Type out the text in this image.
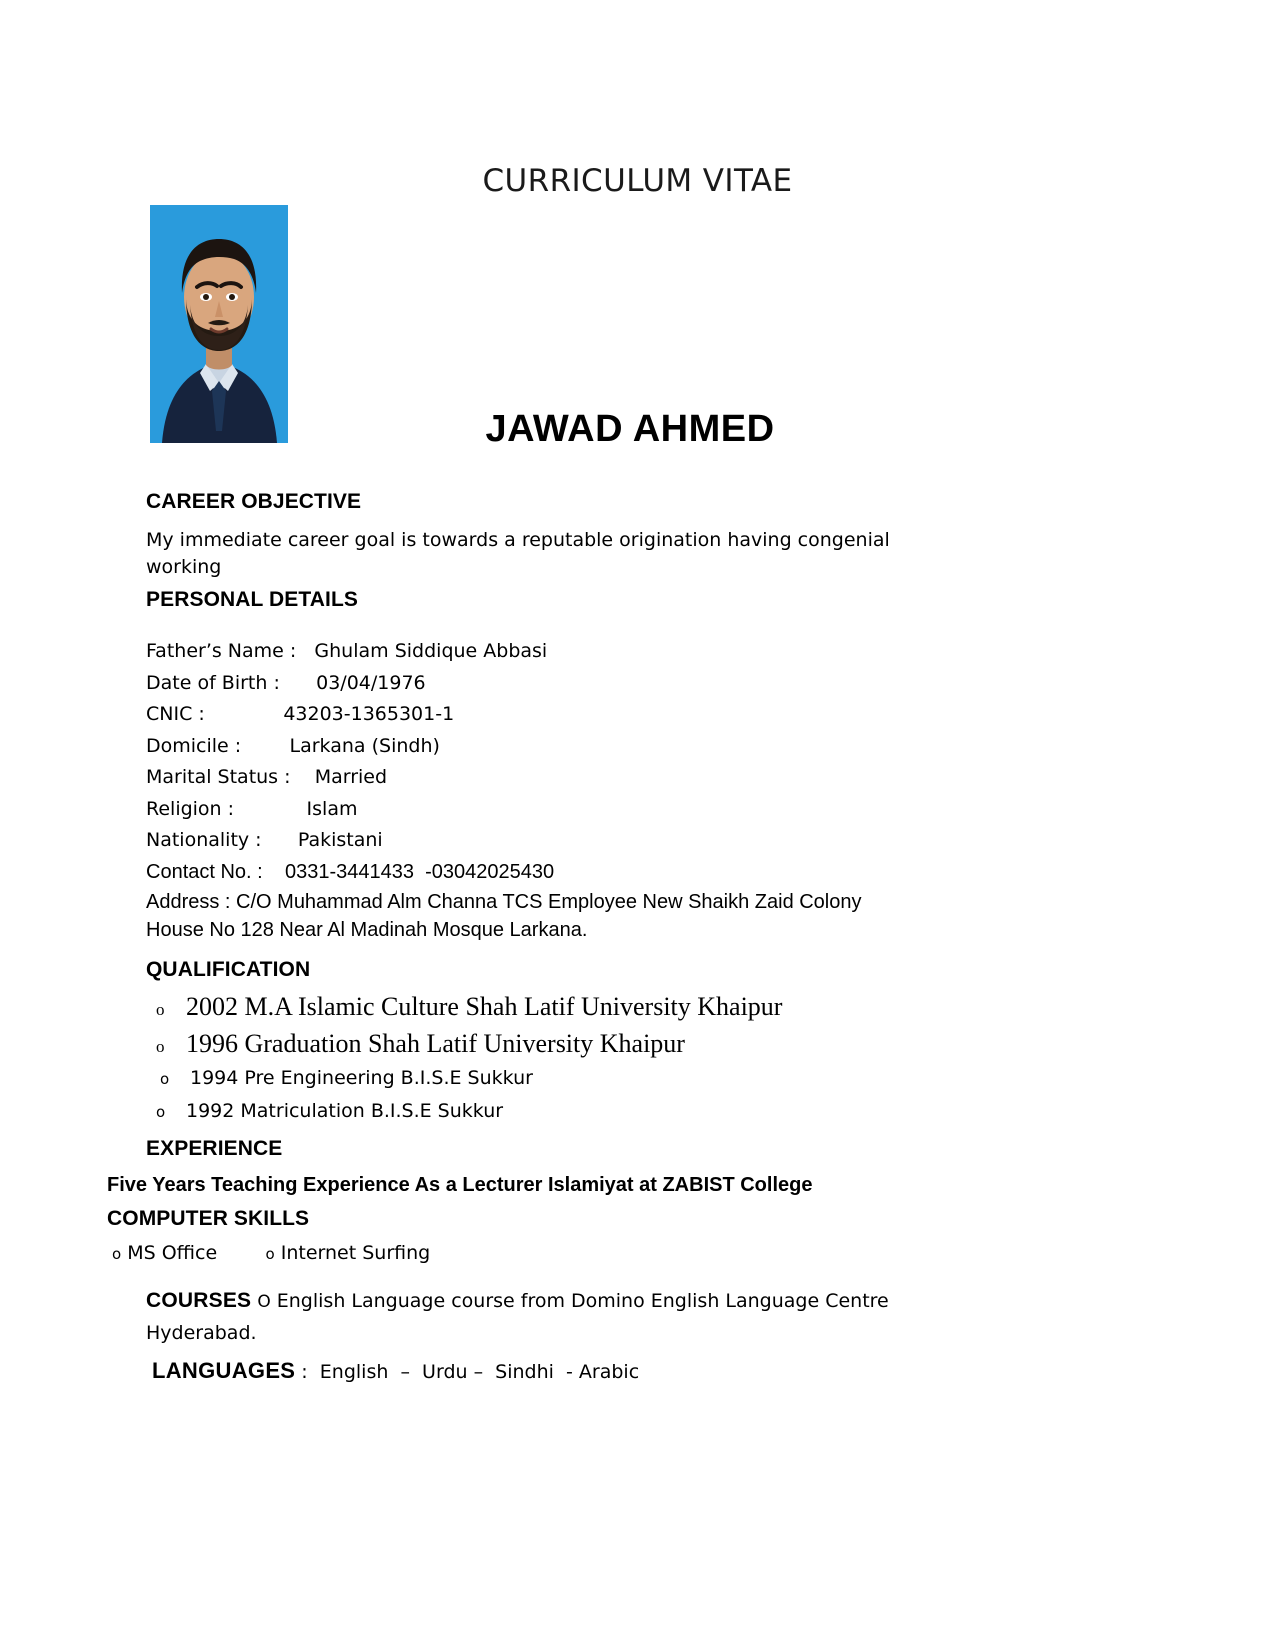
CURRICULUM VITAE
JAWAD AHMED
CAREER OBJECTIVE
My immediate career goal is towards a reputable origination having congenial
working
PERSONAL DETAILS
Father’s Name : Ghulam Siddique Abbasi
Date of Birth : 03/04/1976
CNIC :	43203-1365301-1
Domicile :	Larkana (Sindh)
Marital Status : Married
Religion :	Islam
Nationality : Pakistani
Contact No. : 0331-3441433  -03042025430
Address : C/O Muhammad Alm Channa TCS Employee New Shaikh Zaid Colony
House No 128 Near Al Madinah Mosque Larkana.
QUALIFICATION
o 2002 M.A Islamic Culture Shah Latif University Khaipur
o 1996 Graduation Shah Latif University Khaipur
o	1994 Pre Engineering B.I.S.E Sukkur
o	1992 Matriculation B.I.S.E Sukkur
EXPERIENCE
Five Years Teaching Experience As a Lecturer Islamiyat at ZABIST College
COMPUTER SKILLS
o MS Office	o Internet Surfing
COURSES O English Language course from Domino English Language Centre
Hyderabad.
LANGUAGES :  English  –  Urdu –  Sindhi  - Arabic
